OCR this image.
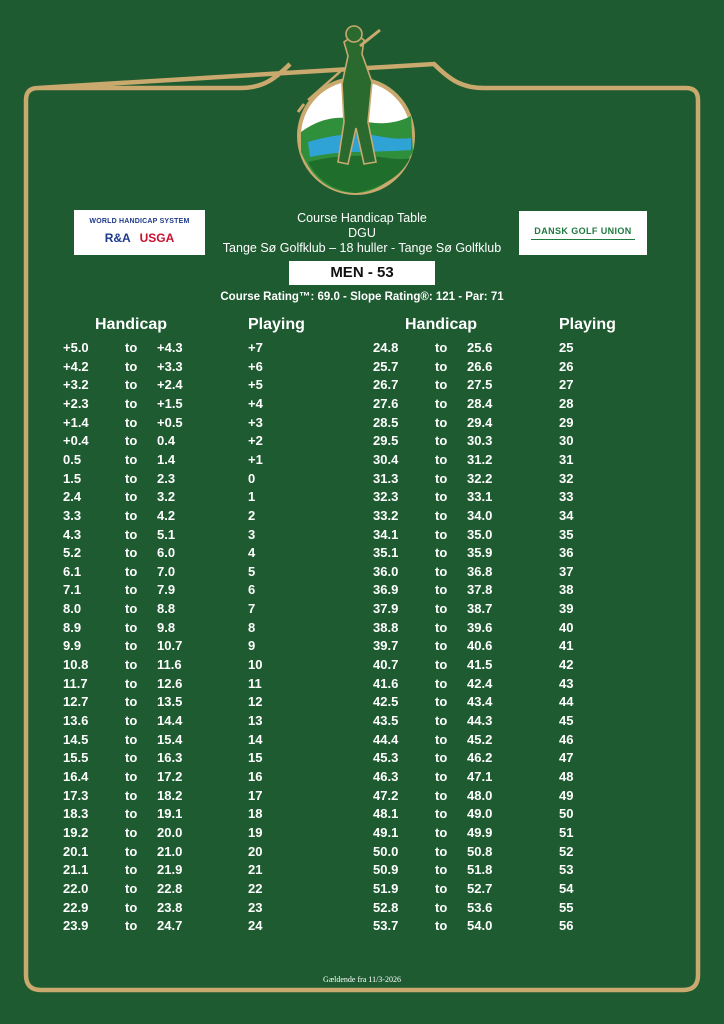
Course Handicap Table
DGU
Tange Sø Golfklub – 18 huller - Tange Sø Golfklub
WORLD HANDICAP SYSTEM
R&A USGA	DANSK GOLF UNION
MEN - 53
Course Rating™: 69.0 - Slope Rating®: 121 - Par: 71
Handicap	Playing	Handicap	Playing
+5.0	to +4.3	+7
+4.2	to +3.3	+6
+3.2	to +2.4	+5
+2.3	to +1.5	+4
+1.4	to +0.5	+3
+0.4	to 0.4	+2
0.5	to 1.4	+1
1.5	to 2.3	0
2.4	to 3.2	1
3.3	to 4.2	2
4.3	to 5.1	3
5.2	to 6.0	4
6.1	to 7.0	5
7.1	to 7.9	6
8.0	to 8.8	7
8.9	to 9.8	8
9.9	to 10.7	9
10.8	to 11.6	10
11.7	to 12.6	11
12.7	to 13.5	12
13.6	to 14.4	13
14.5	to 15.4	14
15.5	to 16.3	15
16.4	to 17.2	16
17.3	to 18.2	17
18.3	to 19.1	18
19.2	to 20.0	19
20.1	to 21.0	20
21.1	to 21.9	21
22.0	to 22.8	22
22.9	to 23.8	23
23.9	to 24.7	24
24.8	to 25.6	25
25.7	to 26.6	26
26.7	to 27.5	27
27.6	to 28.4	28
28.5	to 29.4	29
29.5	to 30.3	30
30.4	to 31.2	31
31.3	to 32.2	32
32.3	to 33.1	33
33.2	to 34.0	34
34.1	to 35.0	35
35.1	to 35.9	36
36.0	to 36.8	37
36.9	to 37.8	38
37.9	to 38.7	39
38.8	to 39.6	40
39.7	to 40.6	41
40.7	to 41.5	42
41.6	to 42.4	43
42.5	to 43.4	44
43.5	to 44.3	45
44.4	to 45.2	46
45.3	to 46.2	47
46.3	to 47.1	48
47.2	to 48.0	49
48.1	to 49.0	50
49.1	to 49.9	51
50.0	to 50.8	52
50.9	to 51.8	53
51.9	to 52.7	54
52.8	to 53.6	55
53.7	to 54.0	56
Gældende fra 11/3-2026
